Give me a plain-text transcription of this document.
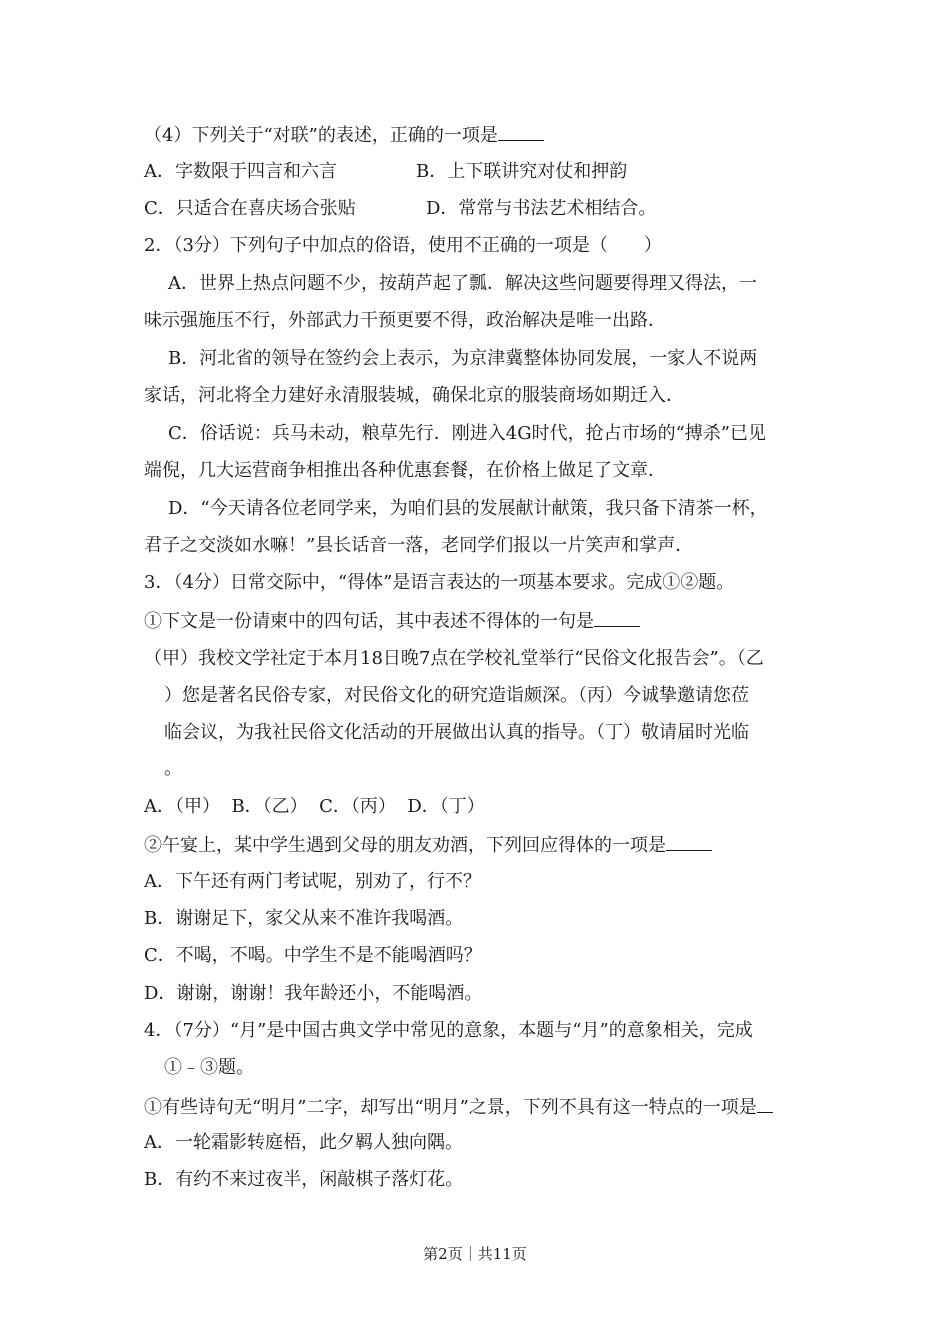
（4）下列关于“对联”的表述，正确的一项是
A．字数限于四言和六言	B．上下联讲究对仗和押韵
C．只适合在喜庆场合张贴	D．常常与书法艺术相结合。
2．（3分）下列句子中加点的俗语，使用不正确的一项是（　　）
A．世界上热点问题不少，按葫芦起了瓢．解决这些问题要得理又得法，一
味示强施压不行，外部武力干预更要不得，政治解决是唯一出路．
B．河北省的领导在签约会上表示，为京津冀整体协同发展，一家人不说两
家话，河北将全力建好永清服装城，确保北京的服装商场如期迁入．
C．俗话说：兵马未动，粮草先行．刚进入4G时代，抢占市场的“搏杀”已见
端倪，几大运营商争相推出各种优惠套餐，在价格上做足了文章．
D．“今天请各位老同学来，为咱们县的发展献计献策，我只备下清茶一杯，
君子之交淡如水嘛！”县长话音一落，老同学们报以一片笑声和掌声．
3．（4分）日常交际中，“得体”是语言表达的一项基本要求。完成①②题。
①下文是一份请柬中的四句话，其中表述不得体的一句是
（甲）我校文学社定于本月18日晚7点在学校礼堂举行“民俗文化报告会”。（乙
）您是著名民俗专家，对民俗文化的研究造诣颇深。（丙）今诚挚邀请您莅
临会议，为我社民俗文化活动的开展做出认真的指导。（丁）敬请届时光临
。
A．（甲）  B．（乙）  C．（丙）  D．（丁）
②午宴上，某中学生遇到父母的朋友劝酒，下列回应得体的一项是
A．下午还有两门考试呢，别劝了，行不？
B．谢谢足下，家父从来不准许我喝酒。
C．不喝，不喝。中学生不是不能喝酒吗？
D．谢谢，谢谢！我年龄还小，不能喝酒。
4．（7分）“月”是中国古典文学中常见的意象，本题与“月”的意象相关，完成
①﹣③题。
①有些诗句无“明月”二字，却写出“明月”之景，下列不具有这一特点的一项是
A．一轮霜影转庭梧，此夕羁人独向隅。
B．有约不来过夜半，闲敲棋子落灯花。
第2页｜共11页
